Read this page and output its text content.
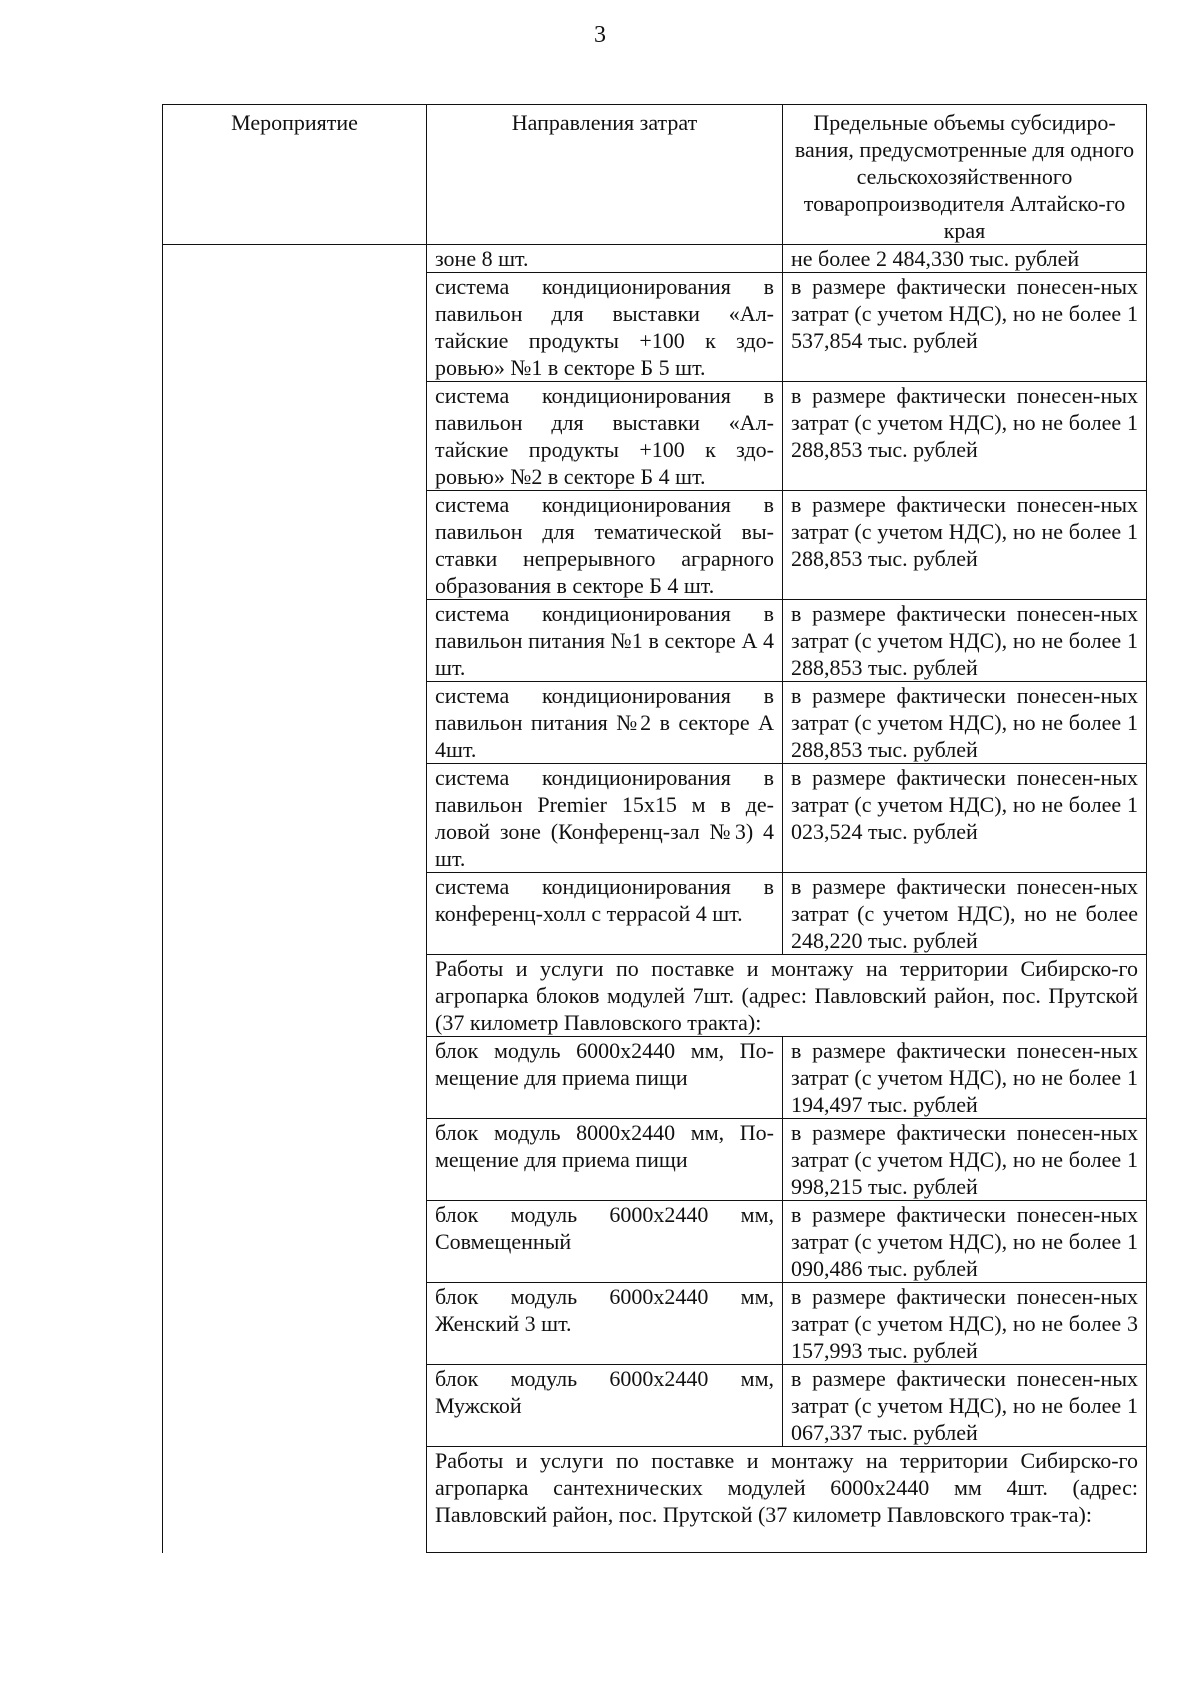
3
Мероприятие	Направления затрат	Предельные объемы субсидиро-вания, предусмотренные для одного сельскохозяйственного товаропроизводителя Алтайско-го края
	зоне 8 шт.	не более 2 484,330 тыс. рублей
	система кондиционирования в павильон для выставки «Ал-тайские продукты +100 к здо-ровью» №1 в секторе Б 5 шт.	в размере фактически понесен-ных затрат (с учетом НДС), но не более 1 537,854 тыс. рублей
	система кондиционирования в павильон для выставки «Ал-тайские продукты +100 к здо-ровью» №2 в секторе Б 4 шт.	в размере фактически понесен-ных затрат (с учетом НДС), но не более 1 288,853 тыс. рублей
	система кондиционирования в павильон для тематической вы-ставки непрерывного аграрного образования в секторе Б 4 шт.	в размере фактически понесен-ных затрат (с учетом НДС), но не более 1 288,853 тыс. рублей
	система кондиционирования в павильон питания №1 в секторе А 4 шт.	в размере фактически понесен-ных затрат (с учетом НДС), но не более 1 288,853 тыс. рублей
	система кондиционирования в павильон питания №2 в секторе А 4шт.	в размере фактически понесен-ных затрат (с учетом НДС), но не более 1 288,853 тыс. рублей
	система кондиционирования в павильон Premier 15x15 м в де-ловой зоне (Конференц-зал №3) 4 шт.	в размере фактически понесен-ных затрат (с учетом НДС), но не более 1 023,524 тыс. рублей
	система кондиционирования в конференц-холл с террасой 4 шт.	в размере фактически понесен-ных затрат (с учетом НДС), но не более 248,220 тыс. рублей
	Работы и услуги по поставке и монтажу на территории Сибирско-го агропарка блоков модулей 7шт. (адрес: Павловский район, пос. Прутской (37 километр Павловского тракта):	
	блок модуль 6000x2440 мм, По-мещение для приема пищи	в размере фактически понесен-ных затрат (с учетом НДС), но не более 1 194,497 тыс. рублей
	блок модуль 8000x2440 мм, По-мещение для приема пищи	в размере фактически понесен-ных затрат (с учетом НДС), но не более 1 998,215 тыс. рублей
	блок модуль 6000x2440 мм, Совмещенный	в размере фактически понесен-ных затрат (с учетом НДС), но не более 1 090,486 тыс. рублей
	блок модуль 6000x2440 мм, Женский 3 шт.	в размере фактически понесен-ных затрат (с учетом НДС), но не более 3 157,993 тыс. рублей
	блок модуль 6000x2440 мм, Мужской	в размере фактически понесен-ных затрат (с учетом НДС), но не более 1 067,337 тыс. рублей
	Работы и услуги по поставке и монтажу на территории Сибирско-го агропарка сантехнических модулей 6000x2440 мм 4шт. (адрес: Павловский район, пос. Прутской (37 километр Павловского трак-та):	
